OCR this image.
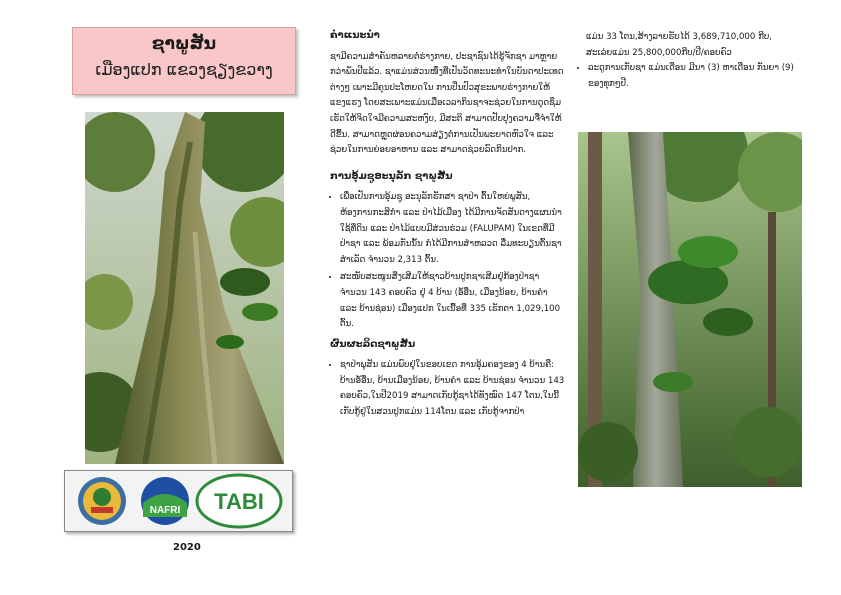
ຊາພູສັນ
ເມືອງແປກ ແຂວງຊຽງຂວາງ
NAFRI TABI
2020
ຄຳແນະນຳ

ຊາມີຄວາມສຳຄັນຫລາຍຕໍ່ຮ່າງກາຍ, ປະຊາຊົນໄດ້ຮູ້ຈັກຊາ ມາຫຼາຍກວ່າພັນປີແລ້ວ. ຊາແມ່ນສ່ວນໜຶ່ງທີ່ເປັນວັດທະນະທຳໃນບັນດາປະເທດຕ່າງໆ ເພາະມີຄຸນປະໂຫຍດໃນ ການປິ່ນປົວສຸຂະພາບຮ່າງກາຍໃຫ້ແຂງແຮງ ໂດຍສະເພາະແມ່ນເມື່ອເວລາກິນຊາຈະຊ່ວຍໃນການດູດຊຶມ ເຮັດໃຫ້ຈິດໃຈມີຄວາມສະຫງົບ, ມີສະຕິ ສາມາດປັບປຸງຄວາມຈື່ຈຳໃຫ້ດີຂື້ນ. ສາມາດຫຼຸດຜ່ອນຄວາມສ່ຽງຕໍ່ການເປັນພະຍາດຫົວໃຈ ແລະ ຊ່ວຍໃນການຍ່ອຍອາຫານ ແລະ ສາມາດຊ່ວຍລົດກິນປາກ.

ການອຸ້ມຊູອະນຸລັກ ຊາພູສັນ
• ເພື່ອເປັນການອຸ້ມຊູ ອະນຸລັກຮັກສາ ຊາປ່າ ຕົ້ນໃຫຍ່ພູສັນ, ຫ້ອງການກະສິກຳ ແລະ ປ່າໄມ້ເມືອງ ໄດ້ມີການຈັດສັນດາງແຜນນຳໃຊ້ທີ່ດິນ ແລະ ປ່າໄມ້ແບບມີສ່ວນຮ່ວມ (FALUPAM) ໃນເຂດທີ່ມີ ປ່າຊາ ແລະ ພ້ອມກັນນັ້ນ ກໍ່ໄດ້ມີການສຳຫລວດ ລື່ມທະບຽນຕົ້ນຊາ ສຳເລັດ ຈຳນວນ 2,313 ຕົ້ນ.
• ສະໜັບສະໜູນສິ່ງເສີມໃຫ້ຊາວບ້ານປູກຊາເສີມຢູ່ກ້ອງປ່າຊາຈຳນວນ 143 ຄອບຄົວ ຢູ່ 4 ບ້ານ (ອໍ້ອື່ນ, ເມືອງນ້ອຍ, ບ້ານຄຳ ແລະ ບ້ານຊ່ອນ) ເມືອງແປກ ໃນເນື້ອທີ່ 335 ເຮັກຕາ 1,029,100 ຕົ້ນ.
ຜົນຜະລິດຊາພູສັນ
• ຊາປ່າພູສັນ ແມ່ນພົບຢູ່ໃນຂອບເຂດ ການອຸ້ມຄອງຂອງ 4 ບ້ານຄື: ບ້ານອໍ້ອື່ນ, ບ້ານເມືອງນ້ອຍ, ບ້ານຄຳ ແລະ ບ້ານຊ່ອນ ຈຳນວນ 143 ຄອບຄົວ,ໃນປີ2019 ສາມາດເກັບກູ້ຊາໄດ້ທັງໝົດ 147 ໂຕນ,ໃນນີ້ເກັບກູ້ຢູ່ໃນສວນປູກແມ່ນ 114ໂຕນ ແລະ ເກັບກູ້ຈາກປ່າ

ແມ່ນ 33 ໂຕນ,ສ້າງລາຍຮັບໄດ້ 3,689,710,000 ກີບ, ສະເລ່ຍແມ່ນ 25,800,000ກີບ/ປີ/ຄອບຄົວ

• ລະດູການເກັບຊາ ແມ່ນເດືອນ ມີນາ (3) ຫາເດືອນ ກັນຍາ (9) ຂອງທຸກໆປີ.
